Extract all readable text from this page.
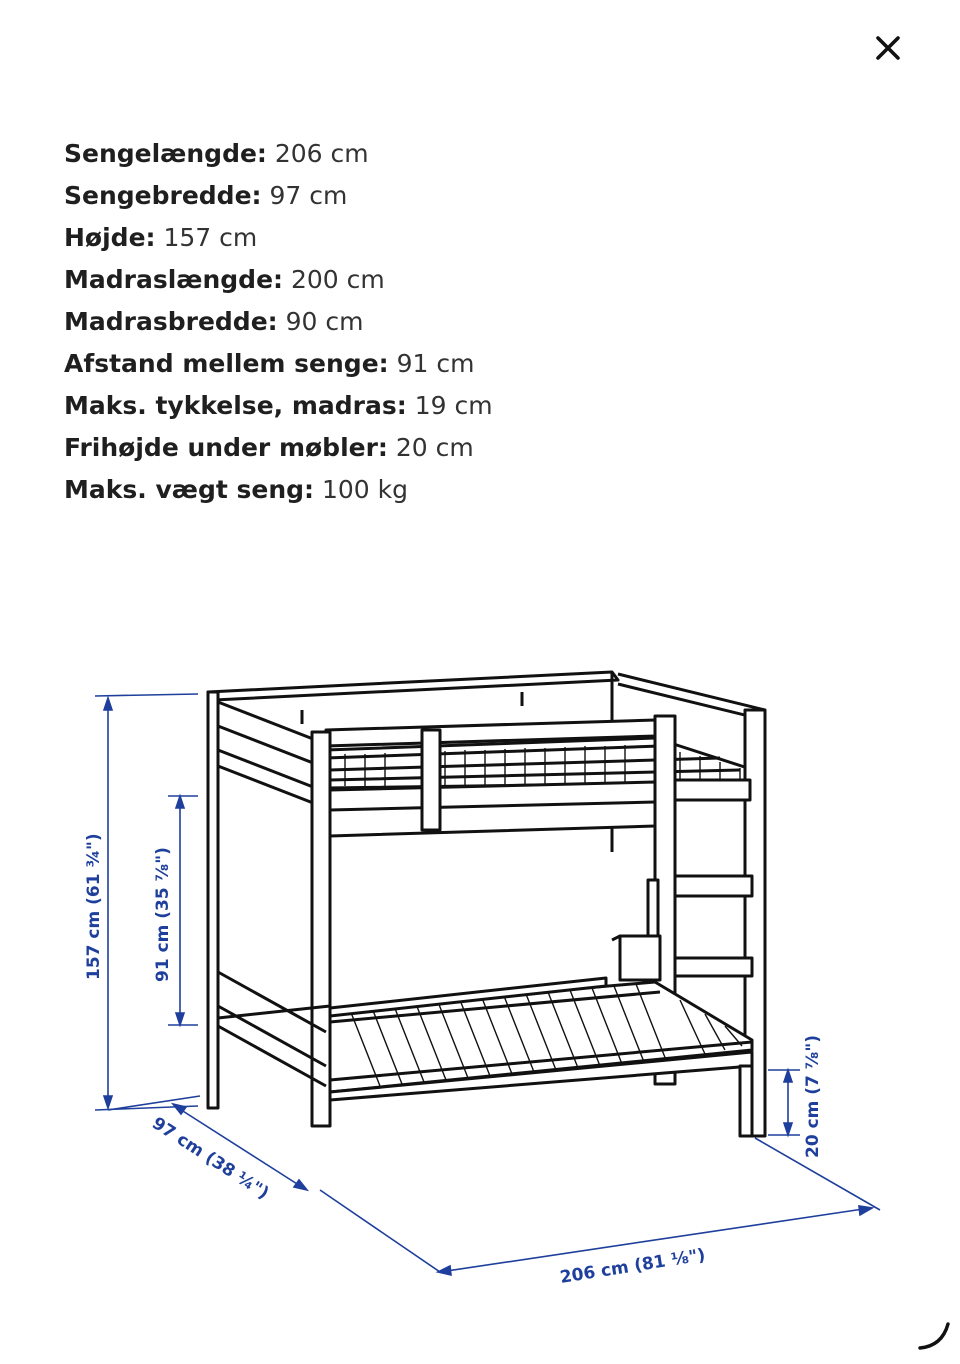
Sengelængde: 206 cm
Sengebredde: 97 cm
Højde: 157 cm
Madraslængde: 200 cm
Madrasbredde: 90 cm
Afstand mellem senge: 91 cm
Maks. tykkelse, madras: 19 cm
Frihøjde under møbler: 20 cm
Maks. vægt seng: 100 kg
157 cm (61 ¾")	91 cm (35 ⅞")
97 cm (38 ¼")
206 cm (81 ⅛")
20 cm (7 ⅞")
